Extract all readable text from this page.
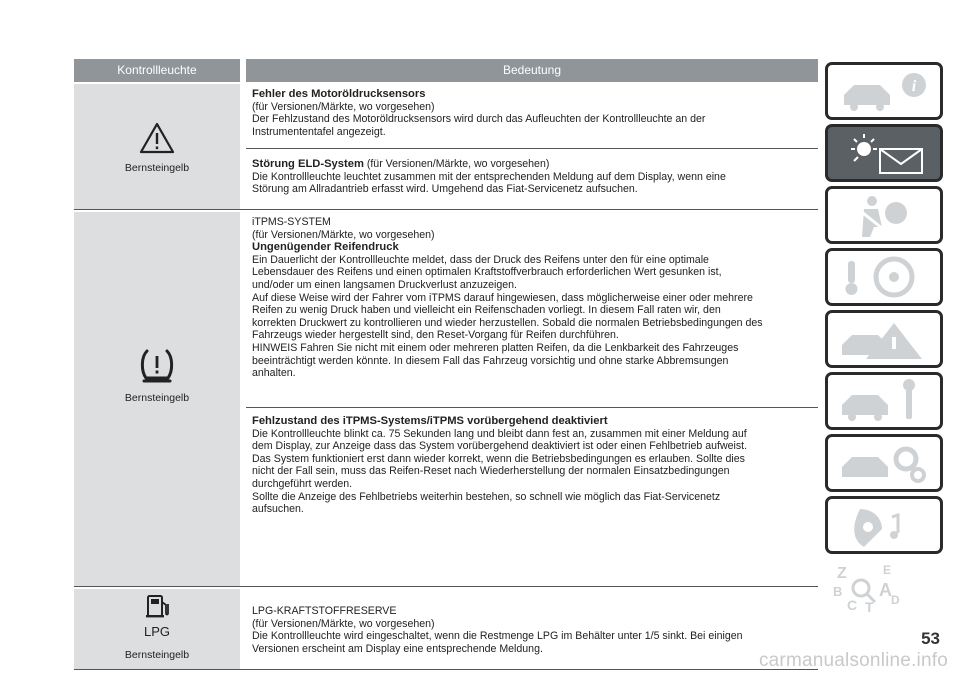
Kontrollleuchte	Bedeutung
Bernsteingelb

Fehler des Motoröldrucksensors

(für Versionen/Märkte, wo vorgesehen)

Der Fehlzustand des Motoröldrucksensors wird durch das Aufleuchten der Kontrollleuchte an der

Instrumententafel angezeigt.

Störung ELD-System (für Versionen/Märkte, wo vorgesehen)

Die Kontrollleuchte leuchtet zusammen mit der entsprechenden Meldung auf dem Display, wenn eine

Störung am Allradantrieb erfasst wird. Umgehend das Fiat-Servicenetz aufsuchen.

Bernsteingelb

iTPMS-SYSTEM

(für Versionen/Märkte, wo vorgesehen)

Ungenügender Reifendruck

Ein Dauerlicht der Kontrollleuchte meldet, dass der Druck des Reifens unter den für eine optimale

Lebensdauer des Reifens und einen optimalen Kraftstoffverbrauch erforderlichen Wert gesunken ist,

und/oder um einen langsamen Druckverlust anzuzeigen.

Auf diese Weise wird der Fahrer vom iTPMS darauf hingewiesen, dass möglicherweise einer oder mehrere

Reifen zu wenig Druck haben und vielleicht ein Reifenschaden vorliegt. In diesem Fall raten wir, den

korrekten Druckwert zu kontrollieren und wieder herzustellen. Sobald die normalen Betriebsbedingungen des

Fahrzeugs wieder hergestellt sind, den Reset-Vorgang für Reifen durchführen.

HINWEIS Fahren Sie nicht mit einem oder mehreren platten Reifen, da die Lenkbarkeit des Fahrzeuges

beeinträchtigt werden könnte. In diesem Fall das Fahrzeug vorsichtig und ohne starke Abbremsungen

anhalten.

Fehlzustand des iTPMS-Systems/iTPMS vorübergehend deaktiviert

Die Kontrollleuchte blinkt ca. 75 Sekunden lang und bleibt dann fest an, zusammen mit einer Meldung auf

dem Display, zur Anzeige dass das System vorübergehend deaktiviert ist oder einen Fehlbetrieb aufweist.

Das System funktioniert erst dann wieder korrekt, wenn die Betriebsbedingungen es erlauben. Sollte dies

nicht der Fall sein, muss das Reifen-Reset nach Wiederherstellung der normalen Einsatzbedingungen

durchgeführt werden.

Sollte die Anzeige des Fehlbetriebs weiterhin bestehen, so schnell wie möglich das Fiat-Servicenetz

aufsuchen.

LPG
Bernsteingelb

LPG-KRAFTSTOFFRESERVE

(für Versionen/Märkte, wo vorgesehen)

Die Kontrollleuchte wird eingeschaltet, wenn die Restmenge LPG im Behälter unter 1/5 sinkt. Bei einigen

Versionen erscheint am Display eine entsprechende Meldung.

i
Z	E
B A
C T D
53
carmanualsonline.info
